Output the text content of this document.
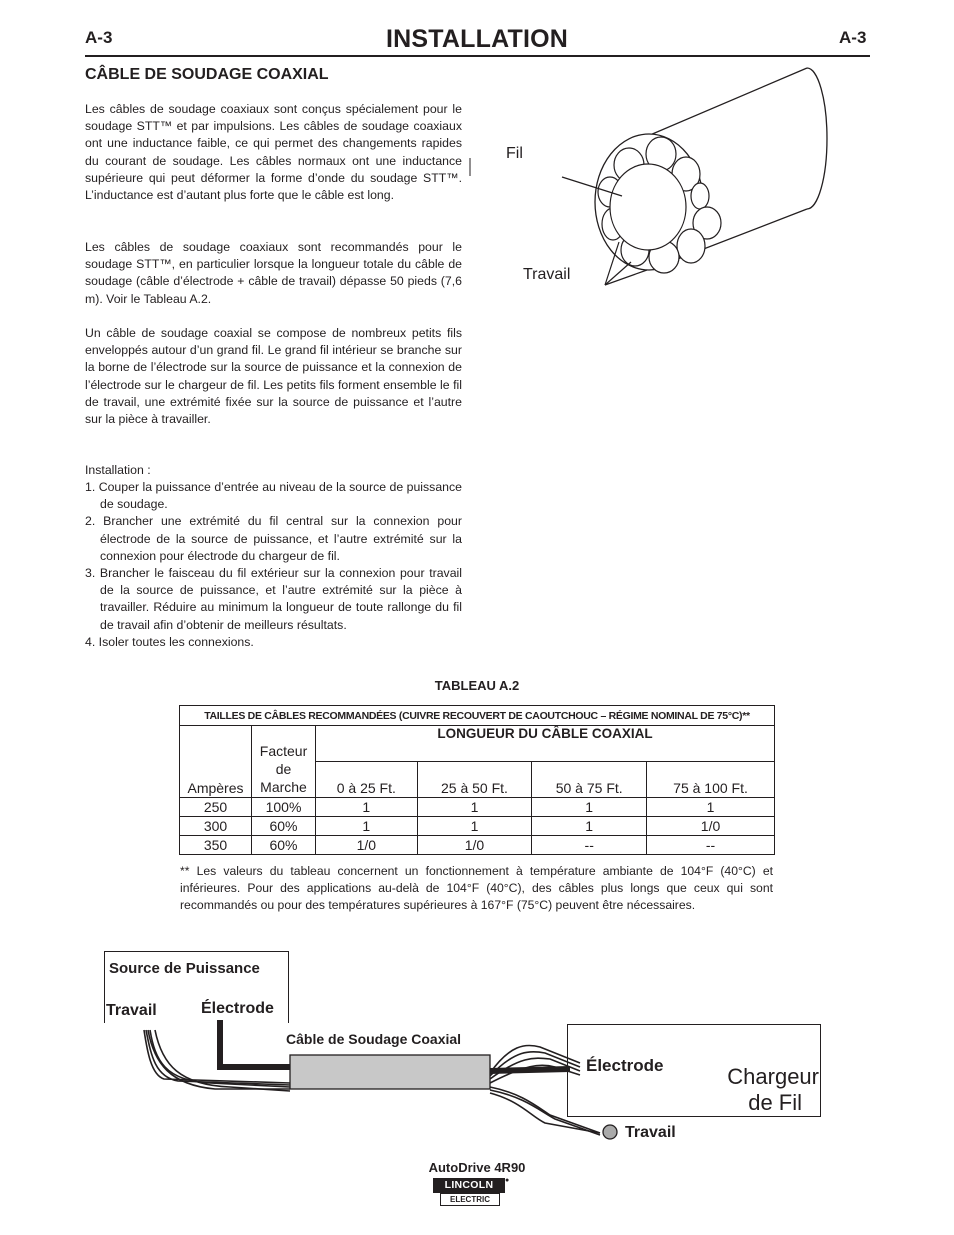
A-3	INSTALLATION	A-3
CÂBLE DE SOUDAGE COAXIAL

Les câbles de soudage coaxiaux sont conçus spécialement pour le soudage STT™ et par impulsions. Les câbles de soudage coaxiaux ont une inductance faible, ce qui permet des changements rapides du courant de soudage. Les câbles normaux ont une inductance supérieure qui peut déformer la forme d’onde du soudage STT™. L’inductance est d’autant plus forte que le câble est long.

Les câbles de soudage coaxiaux sont recommandés pour le soudage STT™, en particulier lorsque la longueur totale du câble de soudage (câble d’électrode + câble de travail) dépasse 50 pieds (7,6 m). Voir le Tableau A.2.

Un câble de soudage coaxial se compose de nombreux petits fils enveloppés autour d’un grand fil. Le grand fil intérieur se branche sur la borne de l’électrode sur la source de puissance et la connexion de l’électrode sur le chargeur de fil. Les petits fils forment ensemble le fil de travail, une extrémité fixée sur la source de puissance et l’autre sur la pièce à travailler.

Installation :

1. Couper la puissance d’entrée au niveau de la source de puissance de soudage.
2. Brancher une extrémité du fil central sur la connexion pour électrode de la source de puissance, et l’autre extrémité sur la connexion pour électrode du chargeur de fil.
3. Brancher le faisceau du fil extérieur sur la connexion pour travail de la source de puissance, et l’autre extrémité sur la pièce à travailler. Réduire au minimum la longueur de toute rallonge du fil de travail afin d’obtenir de meilleurs résultats.
4. Isoler toutes les connexions.
Fil
Travail
TABLEAU A.2
TAILLES DE CÂBLES RECOMMANDÉES (CUIVRE RECOUVERT DE CAOUTCHOUC – RÉGIME NOMINAL DE 75°C)**					
Ampères	Facteur de Marche	LONGUEUR DU CÂBLE COAXIAL			
		0 à 25 Ft.	25 à 50 Ft.	50 à 75 Ft.	75 à 100 Ft.
250	100%	1	1	1	1
300	60%	1	1	1	1/0
350	60%	1/0	1/0	--	--

** Les valeurs du tableau concernent un fonctionnement à température ambiante de 104°F (40°C) et inférieures. Pour des applications au-delà de 104°F (40°C), des câbles plus longs que ceux qui sont recommandés ou pour des températures supérieures à 167°F (75°C) peuvent être nécessaires.

Source de Puissance
Travail	Électrode
Câble de Soudage Coaxial
Électrode	Chargeur
de Fil
Travail
AutoDrive 4R90
LINCOLN	●
ELECTRIC
